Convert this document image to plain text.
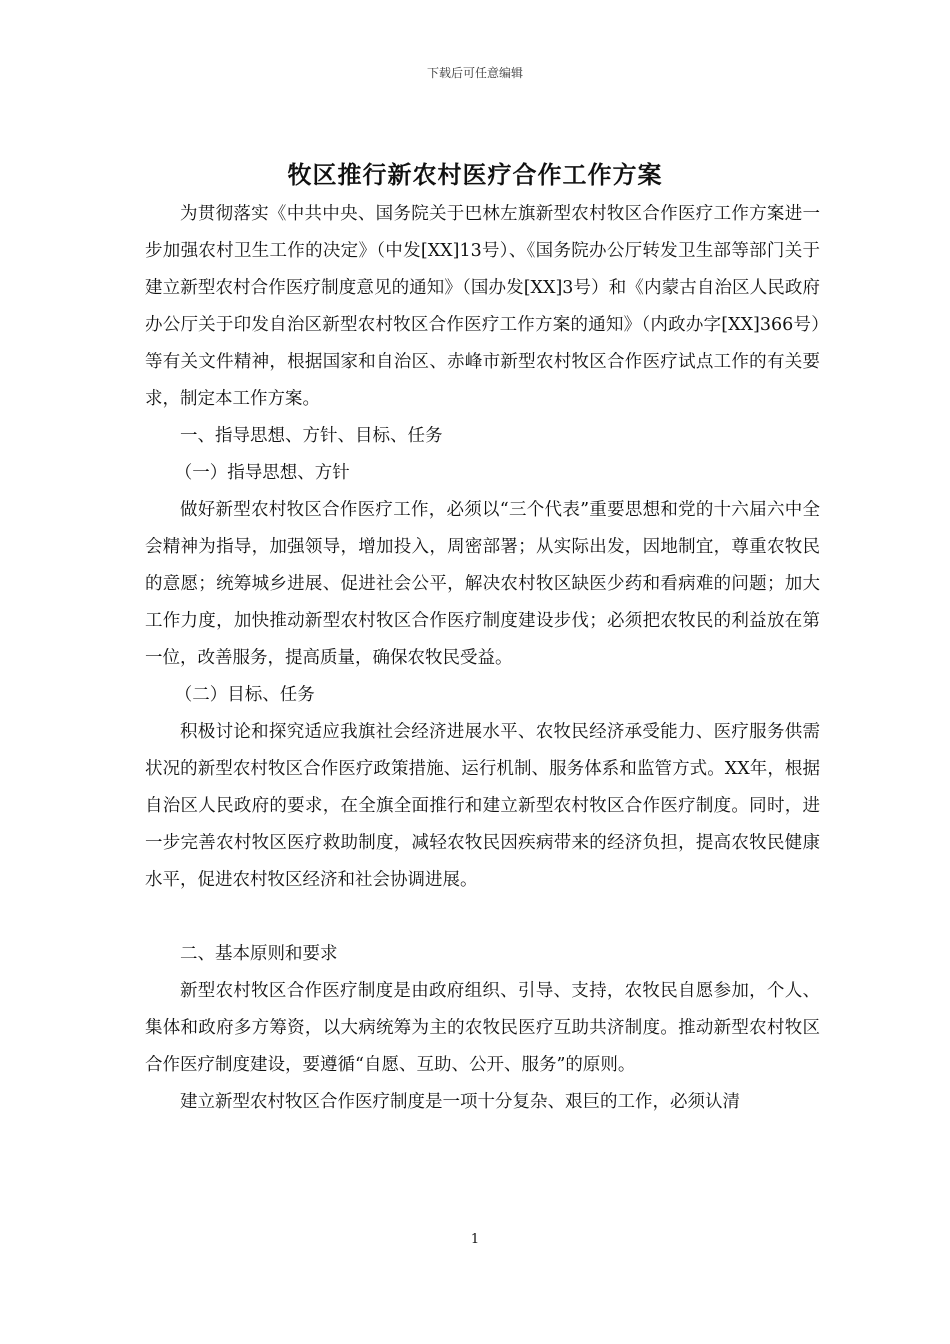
下载后可任意编辑
牧区推行新农村医疗合作工作方案

为贯彻落实《中共中央、国务院关于巴林左旗新型农村牧区合作医疗工作方案进一步加强农村卫生工作的决定》（中发[XX]13号）、《国务院办公厅转发卫生部等部门关于建立新型农村合作医疗制度意见的通知》（国办发[XX]3号）和《内蒙古自治区人民政府办公厅关于印发自治区新型农村牧区合作医疗工作方案的通知》（内政办字[XX]366号）等有关文件精神，根据国家和自治区、赤峰市新型农村牧区合作医疗试点工作的有关要求，制定本工作方案。

一、指导思想、方针、目标、任务

（一）指导思想、方针

做好新型农村牧区合作医疗工作，必须以“三个代表”重要思想和党的十六届六中全会精神为指导，加强领导，增加投入，周密部署；从实际出发，因地制宜，尊重农牧民的意愿；统筹城乡进展、促进社会公平，解决农村牧区缺医少药和看病难的问题；加大工作力度，加快推动新型农村牧区合作医疗制度建设步伐；必须把农牧民的利益放在第一位，改善服务，提高质量，确保农牧民受益。

（二）目标、任务

积极讨论和探究适应我旗社会经济进展水平、农牧民经济承受能力、医疗服务供需状况的新型农村牧区合作医疗政策措施、运行机制、服务体系和监管方式。XX年，根据自治区人民政府的要求，在全旗全面推行和建立新型农村牧区合作医疗制度。同时，进一步完善农村牧区医疗救助制度，减轻农牧民因疾病带来的经济负担，提高农牧民健康水平，促进农村牧区经济和社会协调进展。

二、基本原则和要求

新型农村牧区合作医疗制度是由政府组织、引导、支持，农牧民自愿参加，个人、集体和政府多方筹资，以大病统筹为主的农牧民医疗互助共济制度。推动新型农村牧区合作医疗制度建设，要遵循“自愿、互助、公开、服务”的原则。

建立新型农村牧区合作医疗制度是一项十分复杂、艰巨的工作，必须认清

1
